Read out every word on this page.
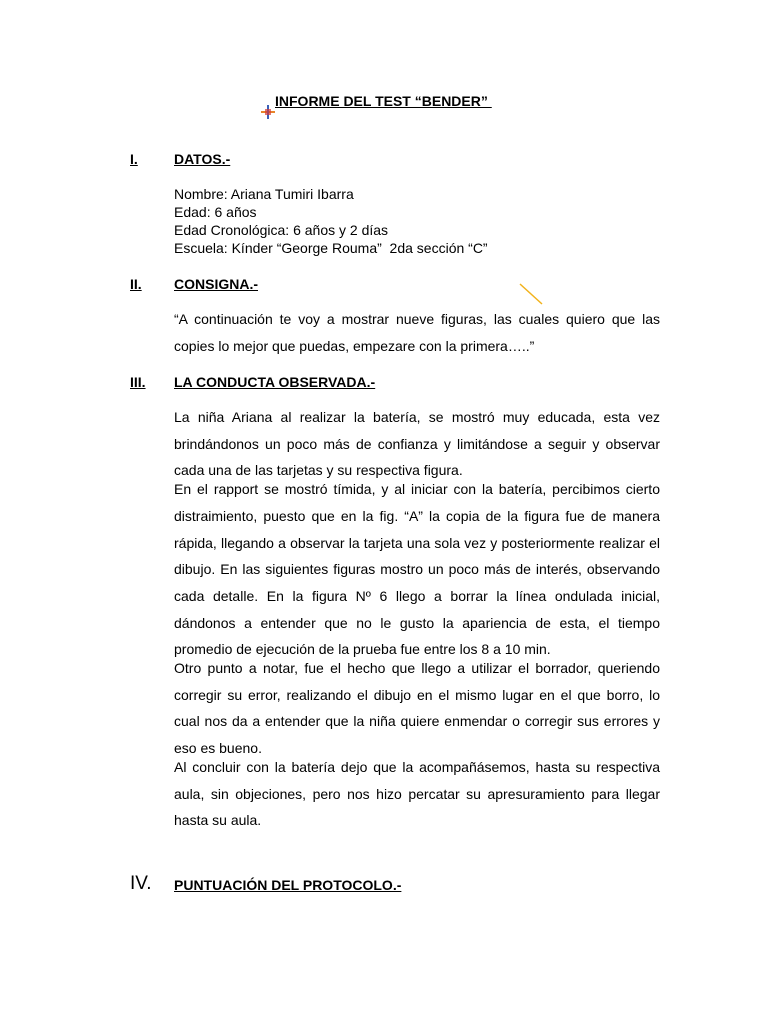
INFORME DEL TEST “BENDER”
I.	DATOS.-
Nombre: Ariana Tumiri Ibarra
Edad: 6 años
Edad Cronológica: 6 años y 2 días
Escuela: Kínder “George Rouma”  2da sección “C”
II. CONSIGNA.-

“A continuación te voy a mostrar nueve figuras, las cuales quiero que las copies lo mejor que puedas, empezare con la primera…..”

III. LA CONDUCTA OBSERVADA.-

La niña Ariana al realizar la batería, se mostró muy educada, esta vez brindándonos un poco más de confianza y limitándose a seguir y observar cada una de las tarjetas y su respectiva figura.

En el rapport se mostró tímida, y al iniciar con la batería, percibimos cierto distraimiento, puesto que en la fig. “A” la copia de la figura fue de manera rápida, llegando a observar la tarjeta una sola vez y posteriormente realizar el dibujo. En las siguientes figuras mostro un poco más de interés, observando cada detalle. En la figura Nº 6 llego a borrar la línea ondulada inicial, dándonos a entender que no le gusto la apariencia de esta, el tiempo promedio de ejecución de la prueba fue entre los 8 a 10 min.

Otro punto a notar, fue el hecho que llego a utilizar el borrador, queriendo corregir su error, realizando el dibujo en el mismo lugar en el que borro, lo cual nos da a entender que la niña quiere enmendar o corregir sus errores y eso es bueno.

Al concluir con la batería dejo que la acompañásemos, hasta su respectiva aula, sin objeciones, pero nos hizo percatar su apresuramiento para llegar hasta su aula.

IV. PUNTUACIÓN DEL PROTOCOLO.-
